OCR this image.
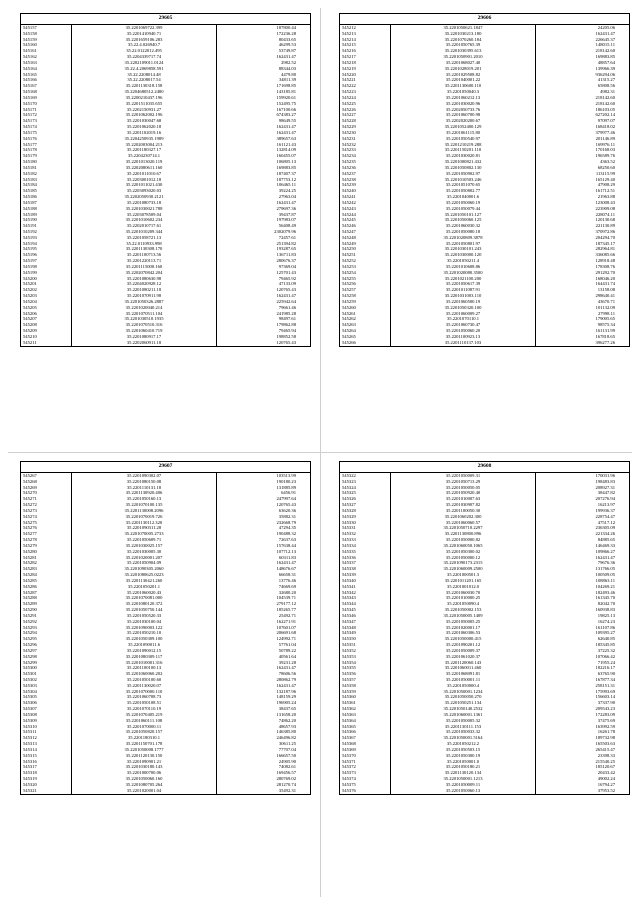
29605		
545157	35.2201069722.399	187800.44
545158	35.2201410940.71	172236.28
545159	35.2201659106.283	80433.65
545160	35.22.4.026940.7	46299.53
545161	35.22.0122012.495	53749.87
545162	35.2204339717.74	162431.47
545163	35.2202109011.0124	2982.52
545164	35.22.4.2069858.591	88344.03
545165	35.22.2208014.48	4479.80
545166	35.22.2208017.54	34811.39
545167	35.2201130318.158	171698.85
545168	35.2204680512.2480	143185.81
545169	35.2200210437.196	159920.61
545170	35.2201511035.655	152495.75
545171	35.2202150931.27	167100.66
545172	35.2201062002.196	674383.27
545173	35.2201030047.68	98649.55
545174	35.2201062020.18	162431.47
545175	35.2201102019.16	162431.47
545176	35.2204250935.1989	389657.63
545177	35.2202003004.213	161121.43
545178	35.2201180327.17	132814.09
545179	35.2204230714.1	160455.07
545180	35.2201013020.119	106805.13
545181	35.2202080611.160	169883.85
545182	35.2201011010.67	187407.37
545183	35.2203001012.18	187753.12
545184	35.2201011021.430	106465.11
545185	35.2203093020.03	39224.25
545186	35.2202050930.2121	27963.04
545187	35.2201080733.18	162431.47
545188	35.2201030021.788	279697.36
545189	35.2203078509.04	39437.87
545190	35.2201010602.234	197983.07
545191	35.2202010717.61	56408.49
545192	35.2201010209.344	2302079.96
545193	35.2201058721.13	72457.61
545194	35.22.0110933.998	251394.82
545195	35.2201130308.170	193287.65
545196	35.2201100713.56	136711.83
545197	35.2201220113.71	280676.37
545198	35.2201115000.160	97369.04
545199	35.2202070842.204	125701.43
545200	35.2201080630.98	79465.92
545201	35.2204020928.12	47133.09
545202	35.2201080211.18	120765.43
545203	35.2201070911.98	162431.47
545204	35.2201050326.2887	225942.64
545205	35.2201020040.214	79661.46
545206	35.2201070511.104	241985.28
545207	35.2201030510.1935	98497.61
545208	35.2201070510.316	179862.88
545209	35.2201060410.719	79465.94
545210	35.2201080917.17	198852.58
545211	35.2202060911.18	120765.43
29606		
545212	35.2201050621.1847	24205.06
545213	35.2201030213.180	162431.47
545214	35.2201070260.184	226645.37
545215	35.2201050765.39	148015.11
545216	35.2201030395.613	218142.60
545217	35.2201050901.2010	169883.85
545218	35.2201068027.40	48857.64
545219	35.2201028019.201	139966.39
545220	35.2201029508.82	936294.06
545221	35.2201040001.22	41315.27
545222	35.2201130600.110	65808.56
545223	35.2201050040.3	4982.31
545224	35.2201060212.13	218142.60
545225	35.2201030020.96	218142.60
545226	35.2202050733.76	186103.05
545227	35.2201060700.98	627202.14
545228	35.2202020200.67	97097.07
545229	35.2201052400.129	168418.02
545230	35.2201061115.80	379977.46
545231	35.2201050540.97	201146.89
545232	35.2201210219.288	169976.11
545233	35.2201150201.110	170168.03
545234	35.2201030020.81	196589.76
545235	35.2201000821.432	4363.52
545236	35.2201050802.130	68250.60
545237	35.2201050902.97	113115.99
545238	35.2201010503.246	165129.40
545239	35.2201051070.65	47908.29
545240	35.2201050802.77	161712.51
545241	35.2201040001.6	21963.88
545242	35.2201050060.19	123008.43
545243	35.2201050079.44	223909.08
545244	35.2201050101.127	228074.11
545245	35.2201050060.125	120130.68
545246	35.2201060030.32	221130.89
545247	35.2201050080.18	370972.86
545248	35.2201020809.3878	204294.70
545249	35.2201050801.97	187345.17
545250	35.2201030101.243	282964.81
545251	35.2201030000.120	336085.66
545252	35.2201050211.4	128918.48
545253	35.2201010608.86	178308.76
545254	35.2201020080.3500	291292.70
545255	35.2201021100.200	168046.20
545256	35.2201050617.39	164431.74
545257	35.2201011087.91	13158.08
545258	35.2201031003.110	298640.41
545259	35.2201060500.19	43670.71
545260	35.2201050320.100	101132.09
545261	35.2201060009.27	27998.11
545262	35.2201070110.1	179005.65
545263	35.2201060730.47	98575.34
545264	35.2201050060.20	161131.99
545265	35.2201100923.13	167818.65
545266	35.2201110137.103	396277.26
29607		
545267	35.2201090302.07	103513.99
545268	35.2201080150.08	190180.23
545269	35.2201110131.18	131885.89
545270	35.2201130920.406	6456.91
545271	35.2201050160.13	247997.64
545272	35.2201070100.135	120765.43
545273	35.2201130008.2096	63620.36
545274	35.2201070019.726	35882.31
545275	35.2201130112.320	232668.79
545276	35.2201090311.28	47294.35
545277	35.2201070005.2733	190488.32
545278	35.2201050609.71	72637.63
545279	35.2201030025.157	157638.44
545280	35.2201030005.30	107712.13
545281	35.2201020001.207	60311.83
545282	35.2201050904.09	162431.47
545283	35.2201090305.2060	148676.67
545284	35.2201080625.0223	66658.31
545285	35.2201130421.260	13776.46
545286	35.2201050201.1	74669.69
545287	35.2201060020.43	32680.20
545288	35.2201070081.000	104539.71
545289	35.2201080120.372	279177.12
545290	35.2201050750.144	185265.77
545291	35.2201050520.33	25492.71
545292	35.2201030100.04	162271.91
545293	35.2201090003.122	107601.07
545294	35.2201050210.10	206691.68
545295	35.2201050309.100	124992.71
545296	35.2201090011.6	57761.04
545297	35.2201090012.15	50789.22
545298	35.2201080309.117	40561.64
545299	35.2201010001.316	39231.28
545300	35.2201100100.13	162431.47
545301	35.2201060060.202	78606.56
545302	35.2201050100.60	280862.79
545303	35.2201130020.07	162431.47
545304	35.2201070000.110	132187.96
545305	35.2201060708.73	148159.29
545306	35.2201050108.51	196905.24
545307	35.2201070110.19	38437.65
545308	35.2201070405.219	131658.20
545309	35.2201060111.108	74862.20
545310	35.2201070000.11	48657.93
545311	35.2201050820.157	146385.80
545312	35.2201180310.1	246496.82
545313	35.2201150701.178	30611.25
545314	35.2201050008.1777	77707.04
545315	35.2201120130.150	166657.50
545316	35.2201090901.21	24905.90
545317	35.2201030180.143	74082.61
545318	35.2201000700.06	169456.57
545319	35.2201050060.160	280769.02
545320	35.2201080705.264	281270.74
545321	35.2201020001.04	35492.31
29608		
545322	35.2201050009.31	170031.96
545323	35.2201050713.29	198483.83
545324	35.2201050050.05	208927.31
545325	35.2201050920.40	38447.82
545326	35.2201010007.63	207276.94
545327	35.2201030907.82	16213.97
545328	35.2201100050.30	199936.37
545329	35.2201060202.300	228754.47
545330	35.2201060060.57	47517.12
545331	35.2201050710.2297	236305.09
545332	35.2201130800.896	221334.26
545333	35.2201050000.82	84885.65
545334	35.2201060050.1065	146469.33
545335	35.2201050300.02	109866.27
545336	35.2201050000.12	162431.47
545337	35.2201090173.2315	79676.36
545338	35.2201060009.2500	131766.05
545339	35.2201000501.3	100509.05
545340	35.2201011201.165	108863.11
545341	35.2201001012.0	104269.21
545342	35.2201060030.70	182493.46
545343	35.2201010000.25	161345.70
545344	35.2201050090.4	82042.70
545345	35.2201050002.153	160938.83
545346	35.2201050005.1409	19825.13
545347	35.2201050005.25	16274.23
545348	35.2201020001.17	161107.86
545349	35.2201060306.53	109395.27
545350	35.2201050000.415	62640.85
545351	35.2201090201.12	185345.85
545352	35.2201050009.37	37225.32
545353	35.2201061020.37	107066.42
545354	35.2201120060.143	71955.24
545355	35.2201060011.460	182216.17
545356	35.2201068091.81	63765.90
545357	35.2201050001.11	167877.34
545358	35.2201050000.4	258151.31
545359	35.2201050001.1234	175993.69
545360	35.2201050050.270	156603.14
545361	35.2201050251.134	37337.90
545362	35.2201050140.2532	209543.23
545363	35.2201060001.1361	172283.09
545364	35.2201050005.32	37475.69
545365	35.2201130111.153	163992.59
545366	35.2201050033.32	16261.78
545367	35.2201050001.5164	189732.98
545368	35.2201050212.2	165503.63
545369	35.2201050503.15	265415.47
545370	35.2201050300.19	23398.33
545371	35.2201050001.0	215540.25
545372	35.2201050180.21	185120.67
545373	35.2201130120.134	20433.42
545374	35.2201050001.1213	49002.24
545375	35.2201050009.11	16794.27
545376	35.2201050060.13	37953.52
